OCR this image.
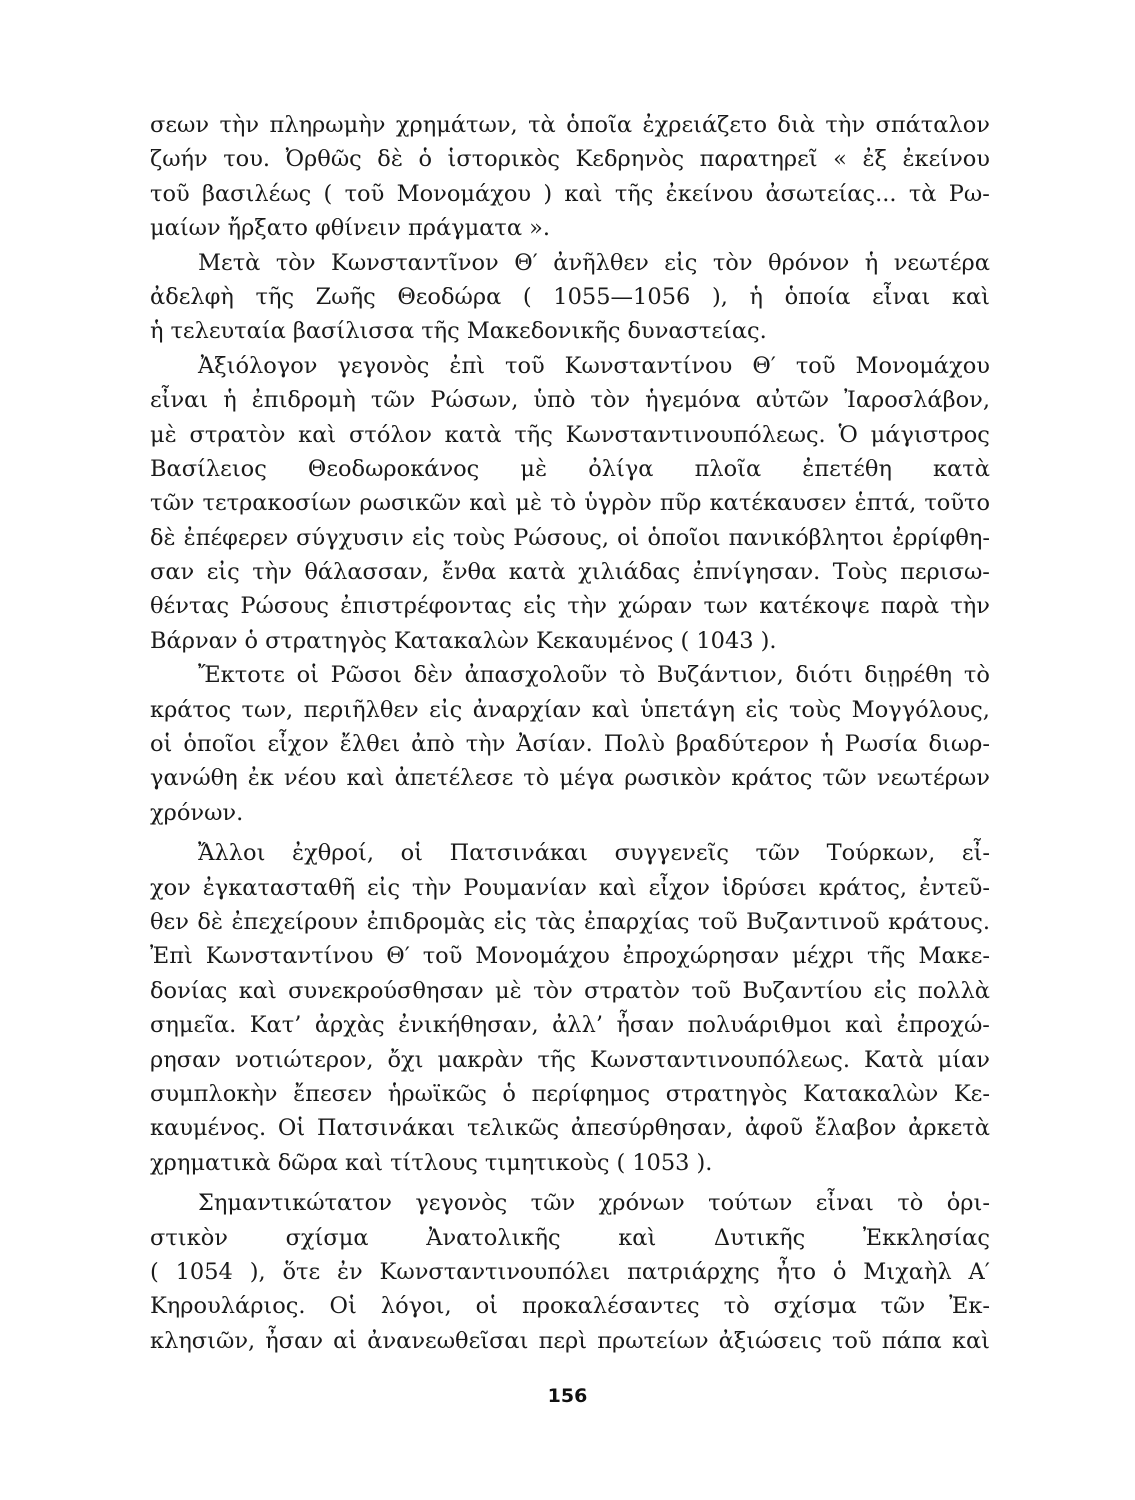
σεων τὴν πληρωμὴν χρημάτων, τὰ ὁποῖα ἐχρειάζετο διὰ τὴν σπάταλον
ζωήν του. Ὀρθῶς δὲ ὁ ἱστορικὸς Κεδρηνὸς παρατηρεῖ « ἐξ ἐκείνου
τοῦ βασιλέως ( τοῦ Μονομάχου ) καὶ τῆς ἐκείνου ἀσωτείας... τὰ Ρω-
μαίων ἤρξατο φθίνειν πράγματα ».
Μετὰ τὸν Κωνσταντῖνον Θ′ ἀνῆλθεν εἰς τὸν θρόνον ἡ νεωτέρα
ἀδελφὴ τῆς Ζωῆς Θεοδώρα ( 1055—1056 ), ἡ ὁποία εἶναι καὶ
ἡ τελευταία βασίλισσα τῆς Μακεδονικῆς δυναστείας.
Ἀξιόλογον γεγονὸς ἐπὶ τοῦ Κωνσταντίνου Θ′ τοῦ Μονομάχου
εἶναι ἡ ἐπιδρομὴ τῶν Ρώσων, ὑπὸ τὸν ἡγεμόνα αὐτῶν Ἰαροσλάβον,
μὲ στρατὸν καὶ στόλον κατὰ τῆς Κωνσταντινουπόλεως. Ὁ μάγιστρος
Βασίλειος Θεοδωροκάνος μὲ ὀλίγα πλοῖα ἐπετέθη κατὰ
τῶν τετρακοσίων ρωσικῶν καὶ μὲ τὸ ὑγρὸν πῦρ κατέκαυσεν ἑπτά, τοῦτο
δὲ ἐπέφερεν σύγχυσιν εἰς τοὺς Ρώσους, οἱ ὁποῖοι πανικόβλητοι ἐρρίφθη-
σαν εἰς τὴν θάλασσαν, ἔνθα κατὰ χιλιάδας ἐπνίγησαν. Τοὺς περισω-
θέντας Ρώσους ἐπιστρέφοντας εἰς τὴν χώραν των κατέκοψε παρὰ τὴν
Βάρναν ὁ στρατηγὸς Κατακαλὼν Κεκαυμένος ( 1043 ).
Ἔκτοτε οἱ Ρῶσοι δὲν ἀπασχολοῦν τὸ Βυζάντιον, διότι διῃρέθη τὸ
κράτος των, περιῆλθεν εἰς ἀναρχίαν καὶ ὑπετάγη εἰς τοὺς Μογγόλους,
οἱ ὁποῖοι εἶχον ἔλθει ἀπὸ τὴν Ἀσίαν. Πολὺ βραδύτερον ἡ Ρωσία διωρ-
γανώθη ἐκ νέου καὶ ἀπετέλεσε τὸ μέγα ρωσικὸν κράτος τῶν νεωτέρων
χρόνων.
Ἄλλοι ἐχθροί, οἱ Πατσινάκαι συγγενεῖς τῶν Τούρκων, εἶ-
χον ἐγκατασταθῆ εἰς τὴν Ρουμανίαν καὶ εἶχον ἱδρύσει κράτος, ἐντεῦ-
θεν δὲ ἐπεχείρουν ἐπιδρομὰς εἰς τὰς ἐπαρχίας τοῦ Βυζαντινοῦ κράτους.
Ἐπὶ Κωνσταντίνου Θ′ τοῦ Μονομάχου ἐπροχώρησαν μέχρι τῆς Μακε-
δονίας καὶ συνεκρούσθησαν μὲ τὸν στρατὸν τοῦ Βυζαντίου εἰς πολλὰ
σημεῖα. Κατ’ ἀρχὰς ἐνικήθησαν, ἀλλ’ ἦσαν πολυάριθμοι καὶ ἐπροχώ-
ρησαν νοτιώτερον, ὄχι μακρὰν τῆς Κωνσταντινουπόλεως. Κατὰ μίαν
συμπλοκὴν ἔπεσεν ἡρωϊκῶς ὁ περίφημος στρατηγὸς Κατακαλὼν Κε-
καυμένος. Οἱ Πατσινάκαι τελικῶς ἀπεσύρθησαν, ἀφοῦ ἔλαβον ἀρκετὰ
χρηματικὰ δῶρα καὶ τίτλους τιμητικοὺς ( 1053 ).
Σημαντικώτατον γεγονὸς τῶν χρόνων τούτων εἶναι τὸ ὁρι-
στικὸν	σχίσμα	Ἀνατολικῆς	καὶ	Δυτικῆς	Ἐκκλησίας
( 1054 ), ὅτε ἐν Κωνσταντινουπόλει πατριάρχης ἦτο ὁ Μιχαὴλ Α′
Κηρουλάριος. Οἱ λόγοι, οἱ προκαλέσαντες τὸ σχίσμα τῶν Ἐκ-
κλησιῶν, ἦσαν αἱ ἀνανεωθεῖσαι περὶ πρωτείων ἀξιώσεις τοῦ πάπα καὶ
156
